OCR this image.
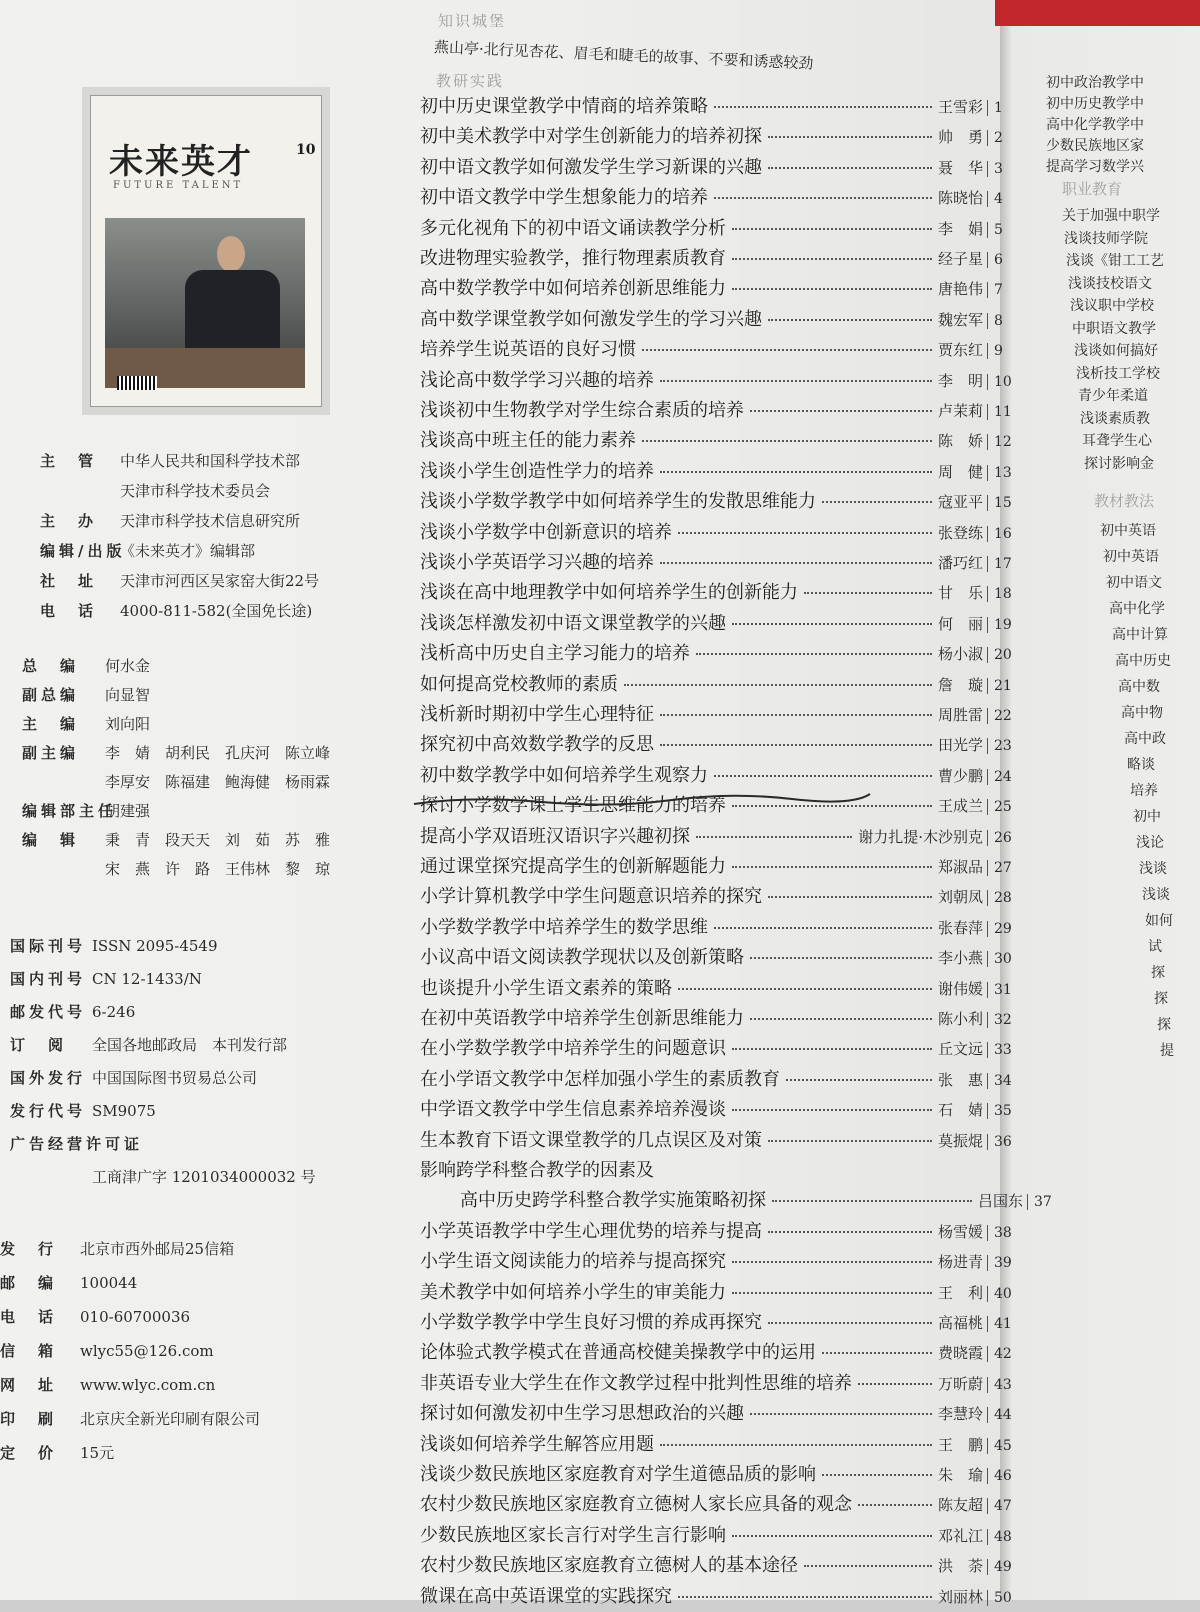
未来英才	10
FUTURE TALENT
主　管 中华人民共和国科学技术部
天津市科学技术委员会
主　办 天津市科学技术信息研究所
编辑/出版《未来英才》编辑部
社　址 天津市河西区吴家窑大街22号
电　话 4000-811-582(全国免长途)
总　编 何水金
副总编 向显智
主　编 刘向阳
副主编 李　婧　胡利民　孔庆河　陈立峰
李厚安　陈福建　鲍海健　杨雨霖
编辑部主任胡建强
编　辑 秉　青　段天天　刘　茹　苏　雅
宋　燕　许　路　王伟林　黎　琼
国际刊号 ISSN 2095-4549
国内刊号 CN 12-1433/N
邮发代号 6-246
订　阅 全国各地邮政局　本刊发行部
国外发行 中国国际图书贸易总公司
发行代号 SM9075
广告经营许可证
工商津广字 1201034000032 号
发　行 北京市西外邮局25信箱
邮　编 100044
电　话 010-60700036
信　箱 wlyc55@126.com
网　址 www.wlyc.com.cn
印　刷 北京庆全新光印刷有限公司
定　价 15元
知识城堡
燕山亭·北行见杏花、眉毛和睫毛的故事、不要和诱惑较劲
教研实践
初中历史课堂教学中情商的培养策略	王雪彩 1
初中美术教学中对学生创新能力的培养初探	帅　勇 2
初中语文教学如何激发学生学习新课的兴趣	聂　华 3
初中语文教学中学生想象能力的培养	陈晓怡 4
多元化视角下的初中语文诵读教学分析	李　娟 5
改进物理实验教学，推行物理素质教育	经子星 6
高中数学教学中如何培养创新思维能力	唐艳伟 7
高中数学课堂教学如何激发学生的学习兴趣	魏宏军 8
培养学生说英语的良好习惯	贾东红 9
浅论高中数学学习兴趣的培养	李　明 10
浅谈初中生物教学对学生综合素质的培养	卢茉莉 11
浅谈高中班主任的能力素养	陈　娇 12
浅谈小学生创造性学力的培养	周　健 13
浅谈小学数学教学中如何培养学生的发散思维能力	寇亚平 15
浅谈小学数学中创新意识的培养	张登练 16
浅谈小学英语学习兴趣的培养	潘巧红 17
浅谈在高中地理教学中如何培养学生的创新能力	甘　乐 18
浅谈怎样激发初中语文课堂教学的兴趣	何　丽 19
浅析高中历史自主学习能力的培养	杨小淑 20
如何提高党校教师的素质	詹　璇 21
浅析新时期初中学生心理特征	周胜雷 22
探究初中高效数学教学的反思	田光学 23
初中数学教学中如何培养学生观察力	曹少鹏 24
探讨小学数学课上学生思维能力的培养	王成兰 25
提高小学双语班汉语识字兴趣初探	谢力扎提·木沙别克 26
通过课堂探究提高学生的创新解题能力	郑淑品 27
小学计算机教学中学生问题意识培养的探究	刘朝凤 28
小学数学教学中培养学生的数学思维	张春萍 29
小议高中语文阅读教学现状以及创新策略	李小燕 30
也谈提升小学生语文素养的策略	谢伟媛 31
在初中英语教学中培养学生创新思维能力	陈小利 32
在小学数学教学中培养学生的问题意识	丘文远 33
在小学语文教学中怎样加强小学生的素质教育	张　惠 34
中学语文教学中学生信息素养培养漫谈	石　婧 35
生本教育下语文课堂教学的几点误区及对策	莫振焜 36
影响跨学科整合教学的因素及
高中历史跨学科整合教学实施策略初探	吕国东 37
小学英语教学中学生心理优势的培养与提高	杨雪媛 38
小学生语文阅读能力的培养与提高探究	杨进青 39
美术教学中如何培养小学生的审美能力	王　利 40
小学数学教学中学生良好习惯的养成再探究	高福桃 41
论体验式教学模式在普通高校健美操教学中的运用	费晓霞 42
非英语专业大学生在作文教学过程中批判性思维的培养	万昕蔚 43
探讨如何激发初中生学习思想政治的兴趣	李慧玲 44
浅谈如何培养学生解答应用题	王　鹏 45
浅谈少数民族地区家庭教育对学生道德品质的影响	朱　瑜 46
农村少数民族地区家庭教育立德树人家长应具备的观念	陈友超 47
少数民族地区家长言行对学生言行影响	邓礼江 48
农村少数民族地区家庭教育立德树人的基本途径	洪　荼 49
微课在高中英语课堂的实践探究	刘丽林 50
初中政治教学中
初中历史教学中
高中化学教学中
少数民族地区家
提高学习数学兴
职业教育
关于加强中职学
浅谈技师学院
浅谈《钳工工艺
浅谈技校语文
浅议职中学校
中职语文教学
浅谈如何搞好
浅析技工学校
青少年柔道
浅谈素质教
耳聋学生心
探讨影响金
教材教法
初中英语
初中英语
初中语文
高中化学
高中计算
高中历史
高中数
高中物
高中政
略谈
培养
初中
浅论
浅谈
浅谈
如何
试
探
探
探
提
